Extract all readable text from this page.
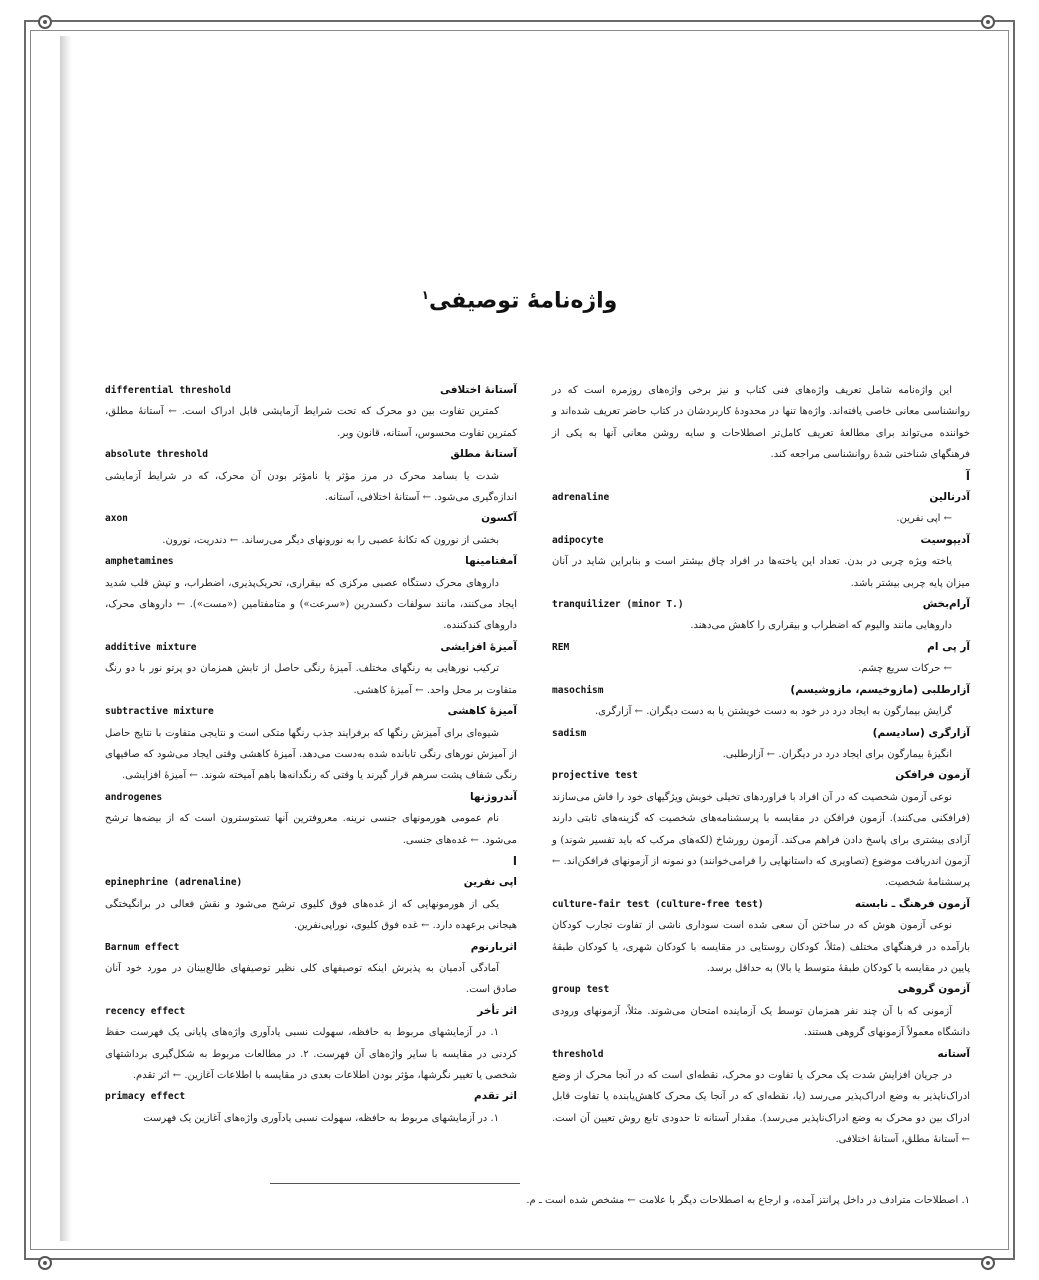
واژه‌نامهٔ توصیفی$^۱$

این واژه‌نامه شامل تعریف واژه‌های فنی کتاب و نیز برخی واژه‌های روزمره است که در روانشناسی معانی خاصی یافته‌اند. واژه‌ها تنها در محدودهٔ کاربردشان در کتاب حاضر تعریف شده‌اند و خواننده می‌تواند برای مطالعهٔ تعریف کامل‌تر اصطلاحات و سایه روشن معانی آنها به یکی از فرهنگهای شناختی شدهٔ روانشناسی مراجعه کند.

آ

آدرنالین
adrenaline

← اپی نفرین.

آدیپوسیت
adipocyte

یاخته ویژه چربی در بدن. تعداد این یاخته‌ها در افراد چاق بیشتر است و بنابراین شاید در آنان میزان پایه چربی بیشتر باشد.

آرام‌بخش
tranquilizer (minor T.)

داروهایی مانند والیوم که اضطراب و بیقراری را کاهش می‌دهند.

آر پی ام
REM

← حرکات سریع چشم.

آزارطلبی (مازوخیسم، مازوشیسم)
masochism

گرایش بیمارگون به ایجاد درد در خود به دست خویشتن یا به دست دیگران. ← آزارگری.

آزارگری (سادیسم)
sadism

انگیزهٔ بیمارگون برای ایجاد درد در دیگران. ← آزارطلبی.

آزمون فرافکن
projective test

نوعی آزمون شخصیت که در آن افراد با فراوردهای تخیلی خویش ویژگیهای خود را فاش می‌سازند (فرافکنی می‌کنند). آزمون فرافکن در مقایسه با پرسشنامه‌های شخصیت که گزینه‌های ثابتی دارند آزادی بیشتری برای پاسخ دادن فراهم می‌کند. آزمون رورشاخ (لکه‌های مرکب که باید تفسیر شوند) و آزمون اندریافت موضوع (تصاویری که داستانهایی را فرامی‌خوانند) دو نمونه از آزمونهای فرافکن‌اند. ← پرسشنامهٔ شخصیت.

آزمون فرهنگ ـ نابسته
culture-fair test (culture-free test)

نوعی آزمون هوش که در ساختن آن سعی شده است سوداری ناشی از تفاوت تجارب کودکان بارآمده در فرهنگهای مختلف (مثلاً، کودکان روستایی در مقایسه با کودکان شهری، یا کودکان طبقهٔ پایین در مقایسه با کودکان طبقهٔ متوسط یا بالا) به حداقل برسد.

آزمون گروهی
group test

آزمونی که با آن چند نفر همزمان توسط یک آزماینده امتحان می‌شوند. مثلاً، آزمونهای ورودی دانشگاه معمولاً آزمونهای گروهی هستند.

آستانه
threshold

در جریان افزایش شدت یک محرک یا تفاوت دو محرک، نقطه‌ای است که در آنجا محرک از وضع ادراک‌ناپذیر به وضع ادراک‌پذیر می‌رسد (یا، نقطه‌ای که در آنجا یک محرک کاهش‌یابنده یا تفاوت قابل ادراک بین دو محرک به وضع ادراک‌ناپذیر می‌رسد). مقدار آستانه تا حدودی تابع روش تعیین آن است. ← آستانهٔ مطلق، آستانهٔ اختلافی.

آستانهٔ اختلافی
differential threshold

کمترین تفاوت بین دو محرک که تحت شرایط آزمایشی قابل ادراک است. ← آستانهٔ مطلق، کمترین تفاوت محسوس، آستانه، قانون وبر.

آستانهٔ مطلق
absolute threshold

شدت یا بسامد محرک در مرز مؤثر یا نامؤثر بودن آن محرک، که در شرایط آزمایشی اندازه‌گیری می‌شود. ← آستانهٔ اختلافی، آستانه.

آکسون
axon

بخشی از نورون که تکانهٔ عصبی را به نورونهای دیگر می‌رساند. ← دندریت، نورون.

آمفتامینها
amphetamines

داروهای محرک دستگاه عصبی مرکزی که بیقراری، تحریک‌پذیری، اضطراب، و تپش قلب شدید ایجاد می‌کنند، مانند سولفات دکسدرین («سرعت») و متامفتامین («مست»). ← داروهای محرک، داروهای کندکننده.

آمیزهٔ افزایشی
additive mixture

ترکیب نورهایی به رنگهای مختلف. آمیزهٔ رنگی حاصل از تابش همزمان دو پرتو نور با دو رنگ متفاوت بر محل واحد. ← آمیزهٔ کاهشی.

آمیزهٔ کاهشی
subtractive mixture

شیوه‌ای برای آمیزش رنگها که برفرایند جذب رنگها متکی است و نتایجی متفاوت با نتایج حاصل از آمیزش نورهای رنگی تابانده شده به‌دست می‌دهد. آمیزهٔ کاهشی وقتی ایجاد می‌شود که صافیهای رنگی شفاف پشت سرهم قرار گیرند یا وقتی که رنگدانه‌ها باهم آمیخته شوند. ← آمیزهٔ افزایشی.

آندروژنها
androgenes

نام عمومی هورمونهای جنسی نرینه. معروفترین آنها تستوسترون است که از بیضه‌ها ترشح می‌شود. ← غده‌های جنسی.

ا

اپی نفرین
epinephrine (adrenaline)

یکی از هورمونهایی که از غده‌های فوق کلیوی ترشح می‌شود و نقش فعالی در برانگیختگی هیجانی برعهده دارد. ← غده فوق کلیوی، نوراپی‌نفرین.

اثربارنوم
Barnum effect

آمادگی آدمیان به پذیرش اینکه توصیفهای کلی نظیر توصیفهای طالع‌بینان در مورد خود آنان صادق است.

اثر تأخر
recency effect

۱. در آزمایشهای مربوط به حافظه، سهولت نسبی یادآوری واژه‌های پایانی یک فهرست حفظ کردنی در مقایسه با سایر واژه‌های آن فهرست. ۲. در مطالعات مربوط به شکل‌گیری برداشتهای شخصی یا تغییر نگرشها، مؤثر بودن اطلاعات بعدی در مقایسه با اطلاعات آغازین. ← اثر تقدم.

اثر تقدم
primacy effect

۱. در آزمایشهای مربوط به حافظه، سهولت نسبی یادآوری واژه‌های آغازین یک فهرست

۱. اصطلاحات مترادف در داخل پرانتز آمده، و ارجاع به اصطلاحات دیگر با علامت ← مشخص شده است ـ م.
